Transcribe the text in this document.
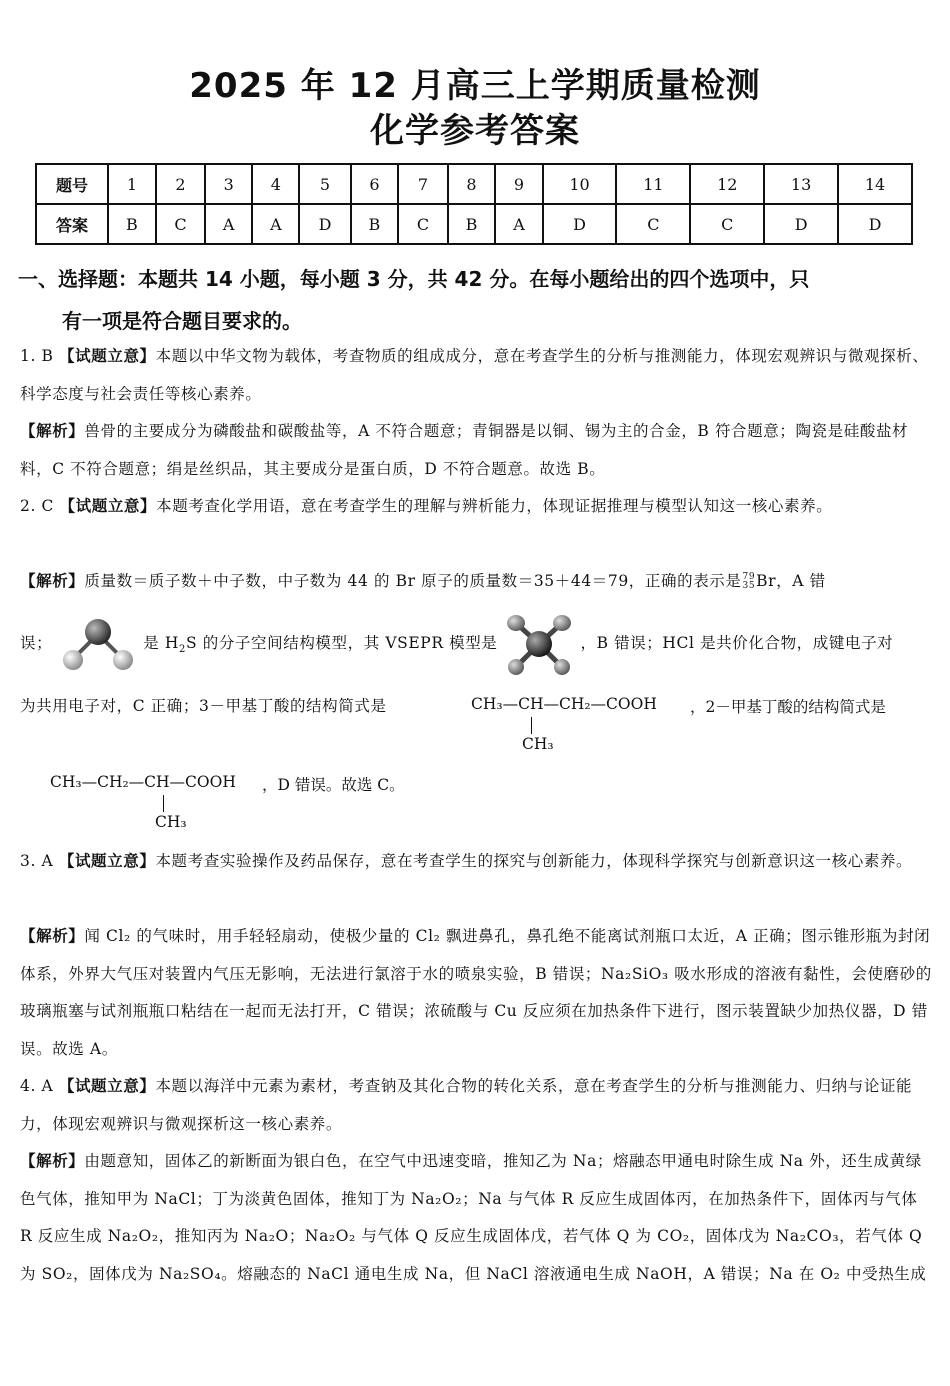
2025 年 12 月高三上学期质量检测
化学参考答案
题号	1	2	3	4	5	6	7	8	9	10	11	12	13	14
答案	B	C	A	A	D	B	C	B	A	D	C	C	D	D
一、选择题：本题共 14 小题，每小题 3 分，共 42 分。在每小题给出的四个选项中，只
有一项是符合题目要求的。
1. B 【试题立意】本题以中华文物为载体，考查物质的组成成分，意在考查学生的分析与推测能力，体现宏观辨识与微观探析、科学态度与社会责任等核心素养。
【解析】兽骨的主要成分为磷酸盐和碳酸盐等，A 不符合题意；青铜器是以铜、锡为主的合金，B 符合题意；陶瓷是硅酸盐材料，C 不符合题意；绢是丝织品，其主要成分是蛋白质，D 不符合题意。故选 B。
2. C 【试题立意】本题考查化学用语，意在考查学生的理解与辨析能力，体现证据推理与模型认知这一核心素养。
【解析】质量数＝质子数＋中子数，中子数为 44 的 Br 原子的质量数＝35＋44＝79，正确的表示是79
35Br，A 错
误；	是 $H_2S$ 的分子空间结构模型，其 VSEPR 模型是	，B 错误；HCl 是共价化合物，成键电子对
为共用电子对，C 正确；3－甲基丁酸的结构简式是	CH₃—CH—CH₂—COOH
CH₃
，2－甲基丁酸的结构简式是
CH₃—CH₂—CH—COOH
CH₃
，D 错误。故选 C。
3. A 【试题立意】本题考查实验操作及药品保存，意在考查学生的探究与创新能力，体现科学探究与创新意识这一核心素养。
【解析】闻 Cl₂ 的气味时，用手轻轻扇动，使极少量的 Cl₂ 飘进鼻孔，鼻孔绝不能离试剂瓶口太近，A 正确；图示锥形瓶为封闭体系，外界大气压对装置内气压无影响，无法进行氯溶于水的喷泉实验，B 错误；Na₂SiO₃ 吸水形成的溶液有黏性，会使磨砂的玻璃瓶塞与试剂瓶瓶口粘结在一起而无法打开，C 错误；浓硫酸与 Cu 反应须在加热条件下进行，图示装置缺少加热仪器，D 错误。故选 A。
4. A 【试题立意】本题以海洋中元素为素材，考查钠及其化合物的转化关系，意在考查学生的分析与推测能力、归纳与论证能力，体现宏观辨识与微观探析这一核心素养。
【解析】由题意知，固体乙的新断面为银白色，在空气中迅速变暗，推知乙为 Na；熔融态甲通电时除生成 Na 外，还生成黄绿色气体，推知甲为 NaCl；丁为淡黄色固体，推知丁为 Na₂O₂；Na 与气体 R 反应生成固体丙，在加热条件下，固体丙与气体 R 反应生成 Na₂O₂，推知丙为 Na₂O；Na₂O₂ 与气体 Q 反应生成固体戊，若气体 Q 为 CO₂，固体戊为 Na₂CO₃，若气体 Q 为 SO₂，固体戊为 Na₂SO₄。熔融态的 NaCl 通电生成 Na，但 NaCl 溶液通电生成 NaOH，A 错误；Na 在 O₂ 中受热生成
